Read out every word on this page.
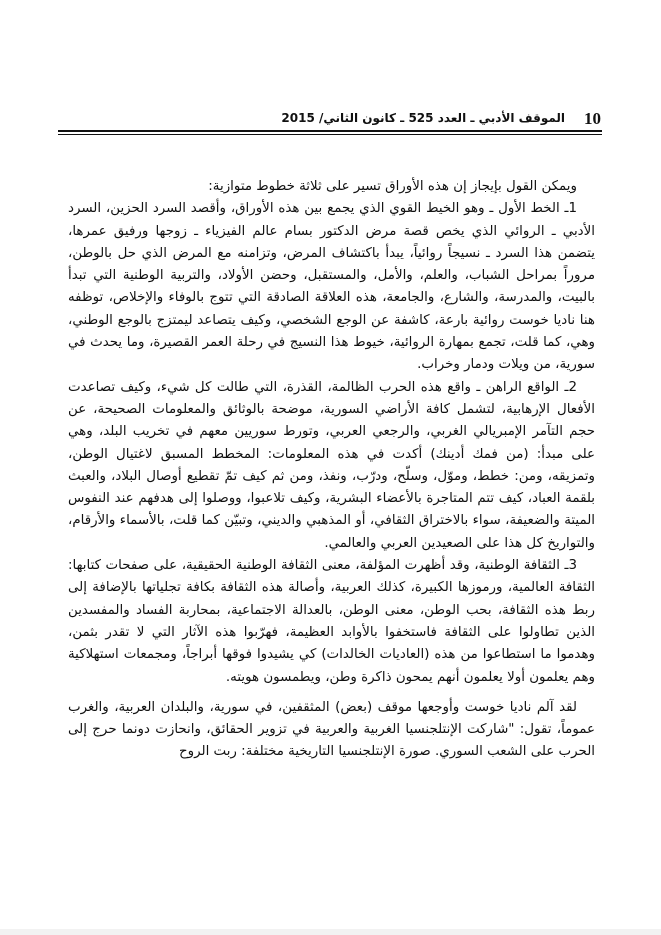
10
الموقف الأدبي ـ العدد 525 ـ كانون الثاني/ 2015

ويمكن القول بإيجاز إن هذه الأوراق تسير على ثلاثة خطوط متوازية:

1ـ الخط الأول ـ وهو الخيط القوي الذي يجمع بين هذه الأوراق، وأقصد السرد الحزين، السرد الأدبي ـ الروائي الذي يخص قصة مرض الدكتور بسام عالم الفيزياء ـ زوجها ورفيق عمرها، يتضمن هذا السرد ـ نسيجاً روائياً، يبدأ باكتشاف المرض، وتزامنه مع المرض الذي حل بالوطن، مروراً بمراحل الشباب، والعلم، والأمل، والمستقبل، وحضن الأولاد، والتربية الوطنية التي تبدأ بالبيت، والمدرسة، والشارع، والجامعة، هذه العلاقة الصادقة التي تتوج بالوفاء والإخلاص، توظفه هنا ناديا خوست روائية بارعة، كاشفة عن الوجع الشخصي، وكيف يتصاعد ليمتزج بالوجع الوطني، وهي، كما قلت، تجمع بمهارة الروائية، خيوط هذا النسيج في رحلة العمر القصيرة، وما يحدث في سورية، من ويلات ودمار وخراب.

2ـ الواقع الراهن ـ واقع هذه الحرب الظالمة، القذرة، التي طالت كل شيء، وكيف تصاعدت الأفعال الإرهابية، لتشمل كافة الأراضي السورية، موضحة بالوثائق والمعلومات الصحيحة، عن حجم التآمر الإمبريالي الغربي، والرجعي العربي، وتورط سوريين معهم في تخريب البلد، وهي على مبدأ: (من فمك أدينك) أكدت في هذه المعلومات: المخطط المسبق لاغتيال الوطن، وتمزيقه، ومن: خطط، وموّل، وسلّح، ودرّب، ونفذ، ومن ثم كيف تمّ تقطيع أوصال البلاد، والعبث بلقمة العباد، كيف تتم المتاجرة بالأعضاء البشرية، وكيف تلاعبوا، ووصلوا إلى هدفهم عند النفوس الميتة والضعيفة، سواء بالاختراق الثقافي، أو المذهبي والديني، وتبيّن كما قلت، بالأسماء والأرقام، والتواريخ كل هذا على الصعيدين العربي والعالمي.

3ـ الثقافة الوطنية، وقد أظهرت المؤلفة، معنى الثقافة الوطنية الحقيقية، على صفحات كتابها: الثقافة العالمية، ورموزها الكبيرة، كذلك العربية، وأصالة هذه الثقافة بكافة تجلياتها بالإضافة إلى ربط هذه الثقافة، بحب الوطن، معنى الوطن، بالعدالة الاجتماعية، بمحاربة الفساد والمفسدين الذين تطاولوا على الثقافة فاستخفوا بالأوابد العظيمة، فهرّبوا هذه الآثار التي لا تقدر بثمن، وهدموا ما استطاعوا من هذه (العاديات الخالدات) كي يشيدوا فوقها أبراجاً، ومجمعات استهلاكية وهم يعلمون أولا يعلمون أنهم يمحون ذاكرة وطن، ويطمسون هويته.

لقد آلم ناديا خوست وأوجعها موقف (بعض) المثقفين، في سورية، والبلدان العربية، والغرب عموماً، تقول: "شاركت الإنتلجنسيا الغربية والعربية في تزوير الحقائق، وانحازت دونما حرج إلى الحرب على الشعب السوري. صورة الإنتلجنسيا التاريخية مختلفة: ربت الروح
